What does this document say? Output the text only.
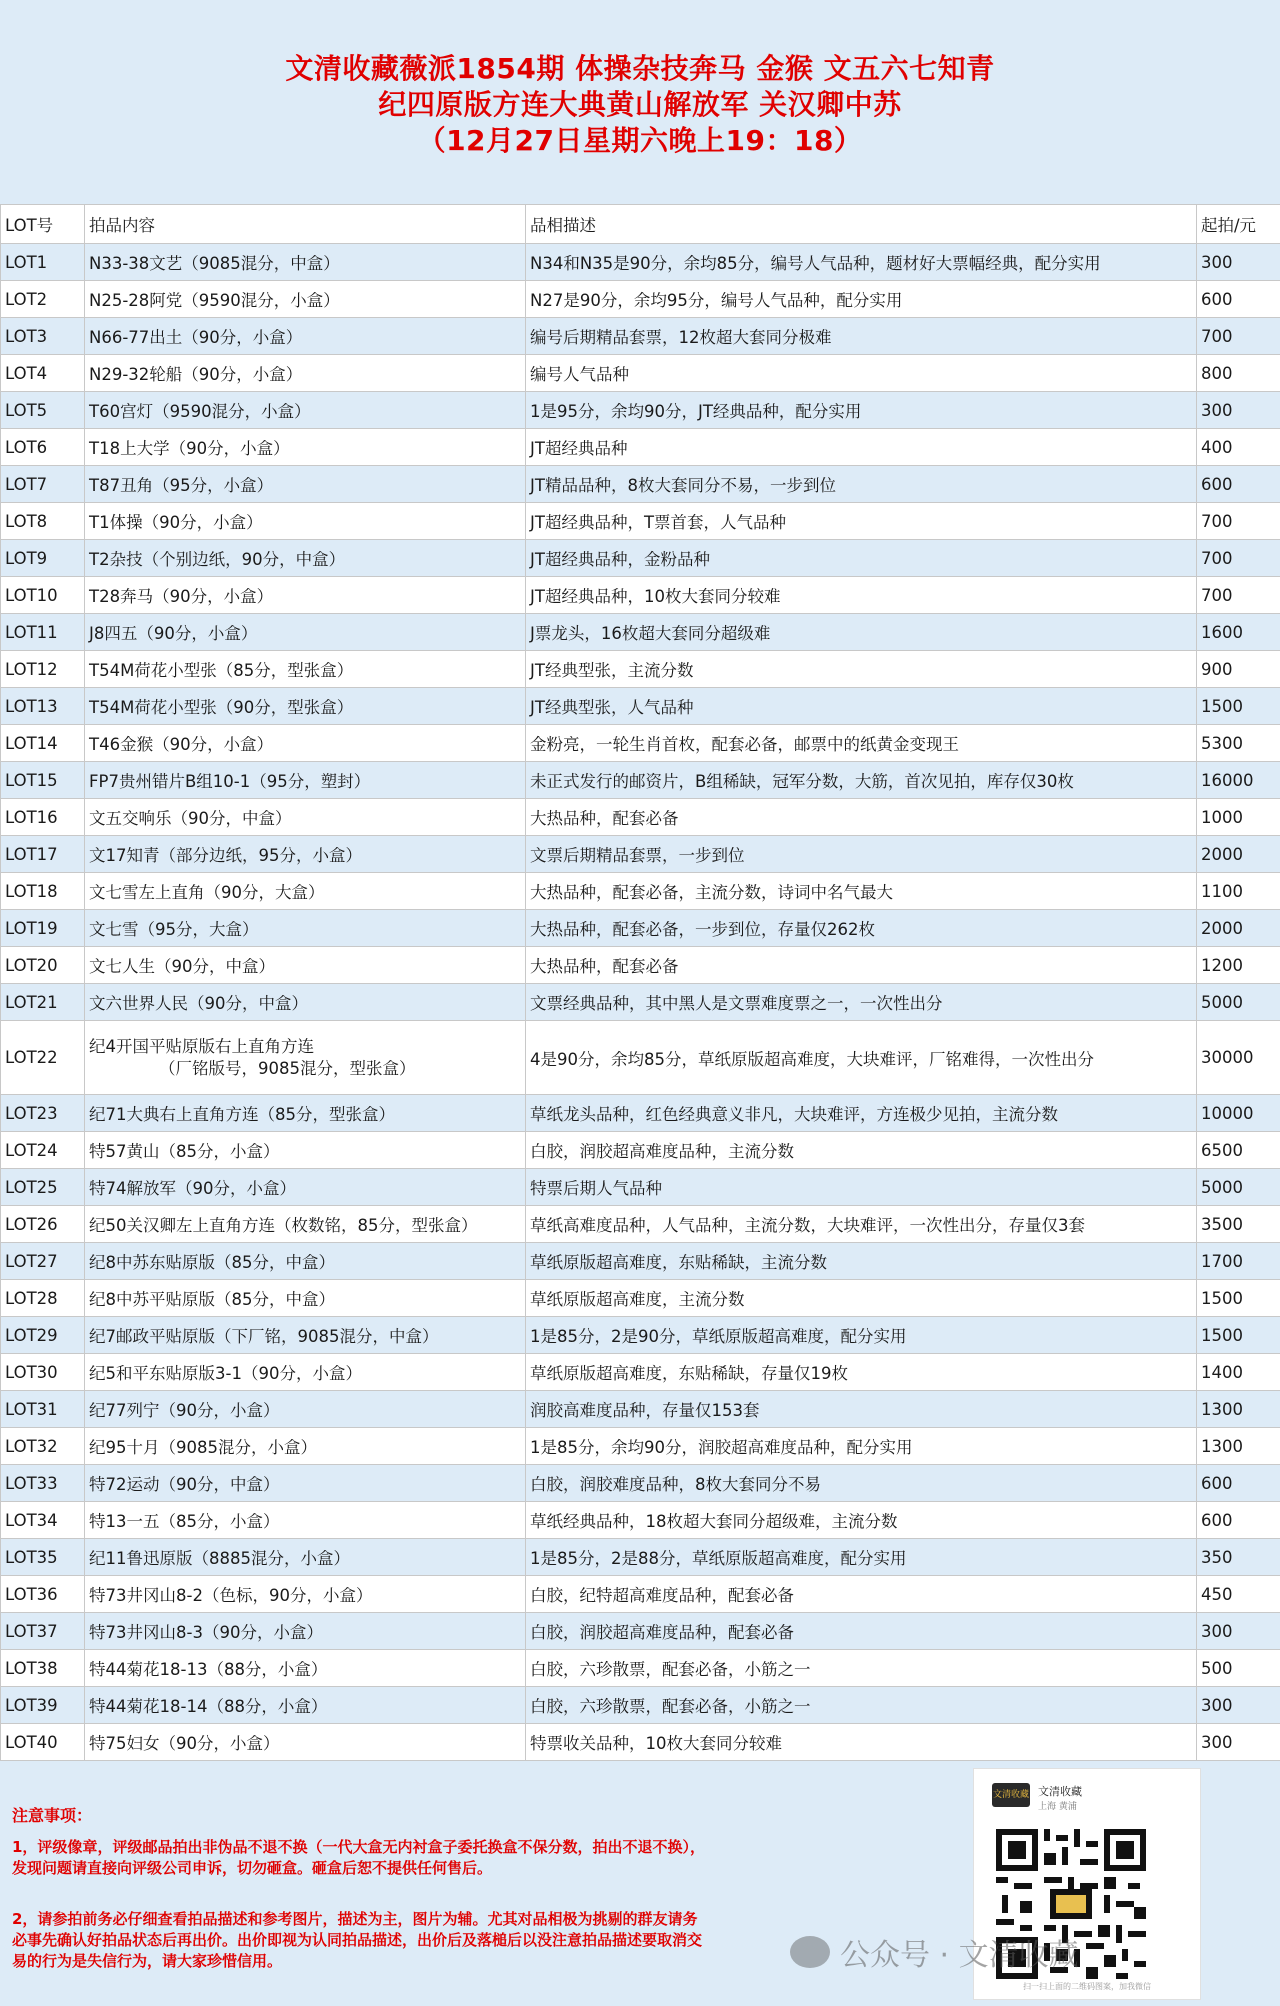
文清收藏薇派1854期 体操杂技奔马 金猴 文五六七知青
纪四原版方连大典黄山解放军 关汉卿中苏
（12月27日星期六晚上19：18）
LOT号	拍品内容	品相描述	起拍/元
LOT1	N33-38文艺（9085混分，中盒）	N34和N35是90分，余均85分，编号人气品种，题材好大票幅经典，配分实用	300
LOT2	N25-28阿党（9590混分，小盒）	N27是90分，余均95分，编号人气品种，配分实用	600
LOT3	N66-77出土（90分，小盒）	编号后期精品套票，12枚超大套同分极难	700
LOT4	N29-32轮船（90分，小盒）	编号人气品种	800
LOT5	T60宫灯（9590混分，小盒）	1是95分，余均90分，JT经典品种，配分实用	300
LOT6	T18上大学（90分，小盒）	JT超经典品种	400
LOT7	T87丑角（95分，小盒）	JT精品品种，8枚大套同分不易，一步到位	600
LOT8	T1体操（90分，小盒）	JT超经典品种，T票首套，人气品种	700
LOT9	T2杂技（个别边纸，90分，中盒）	JT超经典品种，金粉品种	700
LOT10	T28奔马（90分，小盒）	JT超经典品种，10枚大套同分较难	700
LOT11	J8四五（90分，小盒）	J票龙头，16枚超大套同分超级难	1600
LOT12	T54M荷花小型张（85分，型张盒）	JT经典型张，主流分数	900
LOT13	T54M荷花小型张（90分，型张盒）	JT经典型张，人气品种	1500
LOT14	T46金猴（90分，小盒）	金粉亮，一轮生肖首枚，配套必备，邮票中的纸黄金变现王	5300
LOT15	FP7贵州错片B组10-1（95分，塑封）	未正式发行的邮资片，B组稀缺，冠军分数，大筋，首次见拍，库存仅30枚	16000
LOT16	文五交响乐（90分，中盒）	大热品种，配套必备	1000
LOT17	文17知青（部分边纸，95分，小盒）	文票后期精品套票，一步到位	2000
LOT18	文七雪左上直角（90分，大盒）	大热品种，配套必备，主流分数，诗词中名气最大	1100
LOT19	文七雪（95分，大盒）	大热品种，配套必备，一步到位，存量仅262枚	2000
LOT20	文七人生（90分，中盒）	大热品种，配套必备	1200
LOT21	文六世界人民（90分，中盒）	文票经典品种，其中黑人是文票难度票之一，一次性出分	5000
LOT22	纪4开国平贴原版右上直角方连
（厂铭版号，9085混分，型张盒）	4是90分，余均85分，草纸原版超高难度，大块难评，厂铭难得，一次性出分	30000
LOT23	纪71大典右上直角方连（85分，型张盒）	草纸龙头品种，红色经典意义非凡，大块难评，方连极少见拍，主流分数	10000
LOT24	特57黄山（85分，小盒）	白胶，润胶超高难度品种，主流分数	6500
LOT25	特74解放军（90分，小盒）	特票后期人气品种	5000
LOT26	纪50关汉卿左上直角方连（枚数铭，85分，型张盒）	草纸高难度品种，人气品种，主流分数，大块难评，一次性出分，存量仅3套	3500
LOT27	纪8中苏东贴原版（85分，中盒）	草纸原版超高难度，东贴稀缺，主流分数	1700
LOT28	纪8中苏平贴原版（85分，中盒）	草纸原版超高难度，主流分数	1500
LOT29	纪7邮政平贴原版（下厂铭，9085混分，中盒）	1是85分，2是90分，草纸原版超高难度，配分实用	1500
LOT30	纪5和平东贴原版3-1（90分，小盒）	草纸原版超高难度，东贴稀缺，存量仅19枚	1400
LOT31	纪77列宁（90分，小盒）	润胶高难度品种，存量仅153套	1300
LOT32	纪95十月（9085混分，小盒）	1是85分，余均90分，润胶超高难度品种，配分实用	1300
LOT33	特72运动（90分，中盒）	白胶，润胶难度品种，8枚大套同分不易	600
LOT34	特13一五（85分，小盒）	草纸经典品种，18枚超大套同分超级难，主流分数	600
LOT35	纪11鲁迅原版（8885混分，小盒）	1是85分，2是88分，草纸原版超高难度，配分实用	350
LOT36	特73井冈山8-2（色标，90分，小盒）	白胶，纪特超高难度品种，配套必备	450
LOT37	特73井冈山8-3（90分，小盒）	白胶，润胶超高难度品种，配套必备	300
LOT38	特44菊花18-13（88分，小盒）	白胶，六珍散票，配套必备，小筋之一	500
LOT39	特44菊花18-14（88分，小盒）	白胶，六珍散票，配套必备，小筋之一	300
LOT40	特75妇女（90分，小盒）	特票收关品种，10枚大套同分较难	300
注意事项：
1，评级像章，评级邮品拍出非伪品不退不换（一代大盒无内衬盒子委托换盒不保分数，拍出不退不换），发现问题请直接向评级公司申诉，切勿砸盒。砸盒后恕不提供任何售后。
2，请参拍前务必仔细查看拍品描述和参考图片，描述为主，图片为辅。尤其对品相极为挑剔的群友请务必事先确认好拍品状态后再出价。出价即视为认同拍品描述，出价后及落槌后以没注意拍品描述要取消交易的行为是失信行为，请大家珍惜信用。
文清收藏 文清收藏
上海 黄浦
扫一扫上面的二维码图案，加我微信
公众号 · 文清收藏
